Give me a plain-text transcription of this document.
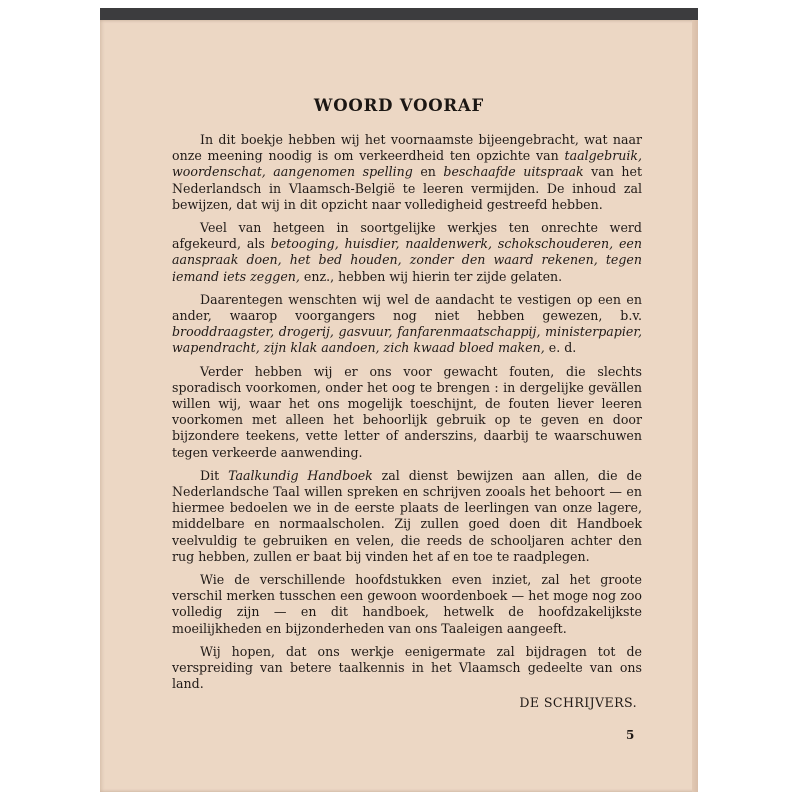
WOORD VOORAF

In dit boekje hebben wij het voornaamste bijeengebracht, wat naar onze meening noodig is om verkeerdheid ten opzichte van taalgebruik, woordenschat, aangenomen spelling en beschaafde uitspraak van het Nederlandsch in Vlaamsch-België te leeren vermijden. De inhoud zal bewijzen, dat wij in dit opzicht naar volledigheid gestreefd hebben.

Veel van hetgeen in soortgelijke werkjes ten onrechte werd afgekeurd, als betooging, huisdier, naaldenwerk, schokschouderen, een aanspraak doen, het bed houden, zonder den waard rekenen, tegen iemand iets zeggen, enz., hebben wij hierin ter zijde gelaten.

Daarentegen wenschten wij wel de aandacht te vestigen op een en ander, waarop voorgangers nog niet hebben gewezen, b.v. brooddraagster, drogerij, gasvuur, fanfarenmaatschappij, ministerpapier, wapendracht, zijn klak aandoen, zich kwaad bloed maken, e. d.

Verder hebben wij er ons voor gewacht fouten, die slechts sporadisch voorkomen, onder het oog te brengen : in dergelijke gevällen willen wij, waar het ons mogelijk toeschijnt, de fouten liever leeren voorkomen met alleen het behoorlijk gebruik op te geven en door bijzondere teekens, vette letter of anderszins, daarbij te waarschuwen tegen verkeerde aanwending.

Dit Taalkundig Handboek zal dienst bewijzen aan allen, die de Nederlandsche Taal willen spreken en schrijven zooals het behoort — en hiermee bedoelen we in de eerste plaats de leerlingen van onze lagere, middelbare en normaalscholen. Zij zullen goed doen dit Handboek veelvuldig te gebruiken en velen, die reeds de schooljaren achter den rug hebben, zullen er baat bij vinden het af en toe te raadplegen.

Wie de verschillende hoofdstukken even inziet, zal het groote verschil merken tusschen een gewoon woordenboek — het moge nog zoo volledig zijn — en dit handboek, hetwelk de hoofdzakelijkste moeilijkheden en bijzonderheden van ons Taaleigen aangeeft.

Wij hopen, dat ons werkje eenigermate zal bijdragen tot de verspreiding van betere taalkennis in het Vlaamsch gedeelte van ons land.

DE SCHRIJVERS.
5
